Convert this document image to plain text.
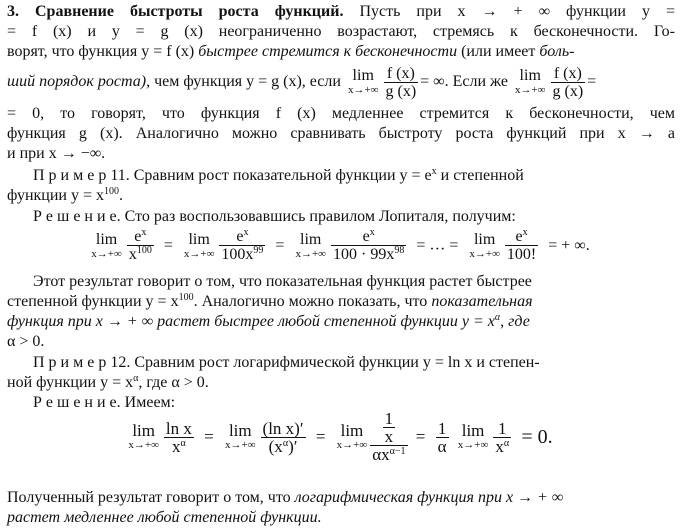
3. Сравнение быстроты роста функций. Пусть при x → + ∞ функции y =
= f (x) и y = g (x) неограниченно возрастают, стремясь к бесконечности. Го-
ворят, что функция y = f (x) быстрее стремится к бесконечности (или имеет боль-
ший порядок роста), чем функция y = g (x), если lim
$x\to+\infty \frac{f (x)}{g (x)}$ = ∞. Если же lim
$x\to+\infty \frac{f (x)}{g (x)}$ =
= 0, то говорят, что функция f (x) медленнее стремится к бесконечности, чем
функция g (x). Аналогично можно сравнивать быстроту роста функций при x → a
и при x → −∞.
П р и м е р 11. Сравним рост показательной функции $y = e^x$ и степенной
функции $y = x^{100}$.
Р е ш е н и е. Сто раз воспользовавшись правилом Лопиталя, получим:
lim
$x\to+\infty \frac{e^x}{x^{100}} = \lim$
$x\to+\infty \frac{e^x}{100x^{99}} = \lim$
$x\to+\infty \frac{e^x}{100 \cdot 99x^{98}}$ = … = lim
$x\to+\infty \frac{e^x}{100!}$ = + ∞.
Этот результат говорит о том, что показательная функция растет быстрее
степенной функции $y = x^{100}$. Аналогично можно показать, что показательная
функция при x → + ∞ растет быстрее любой степенной функции $y = x^\alpha$, где
α > 0.
П р и м е р 12. Сравним рост логарифмической функции y = ln x и степен-
ной функции $y = x^\alpha$, где α > 0.
Р е ш е н и е. Имеем:
lim
$x\to+\infty \frac{\text{ln x}}{x^\alpha} = \lim$
$x\to+\infty \frac{\text{(ln x)′}}{(x^\alpha)'} = \lim$
$x\to+\infty \frac{1}{x}$
$\alpha x^{\alpha-1}$
= $\frac{1}{\alpha}$
lim
$x\to+\infty \frac{1}{x^\alpha} = 0$.
Полученный результат говорит о том, что логарифмическая функция при x → + ∞
растет медленнее любой степенной функции.
